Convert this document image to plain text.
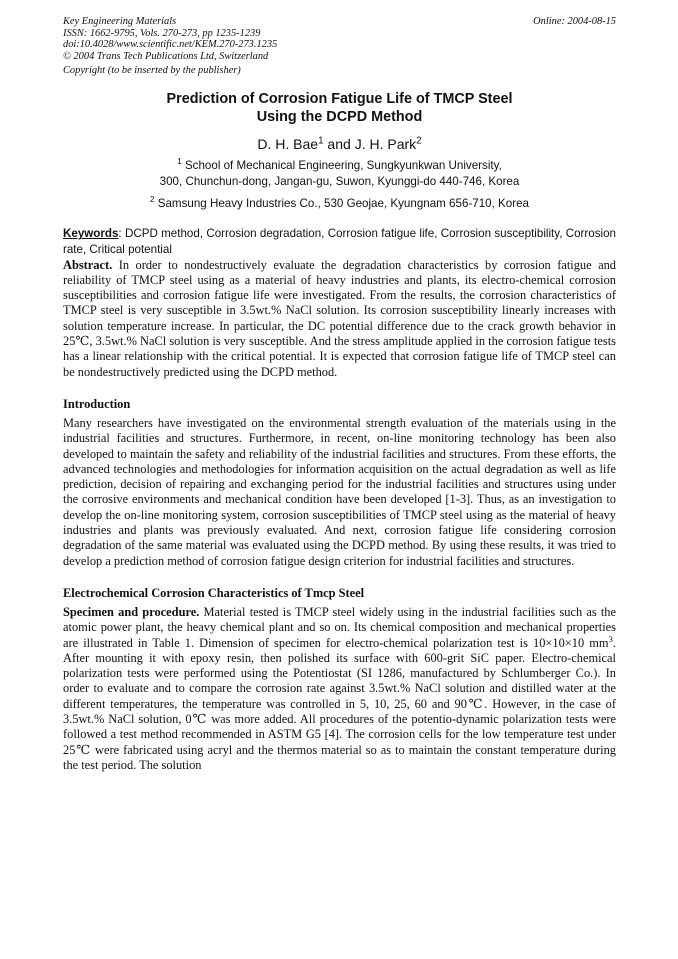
Key Engineering Materials
ISSN: 1662-9795, Vols. 270-273, pp 1235-1239
doi:10.4028/www.scientific.net/KEM.270-273.1235
© 2004 Trans Tech Publications Ltd, Switzerland
Online: 2004-08-15
Copyright (to be inserted by the publisher)
Prediction of Corrosion Fatigue Life of TMCP Steel
Using the DCPD Method
D. H. Bae$^1$ and J. H. Park$^2$
$^1$ School of Mechanical Engineering, Sungkyunkwan University,
300, Chunchun-dong, Jangan-gu, Suwon, Kyunggi-do 440-746, Korea
$^2$ Samsung Heavy Industries Co., 530 Geojae, Kyungnam 656-710, Korea
Keywords: DCPD method, Corrosion degradation, Corrosion fatigue life, Corrosion susceptibility, Corrosion rate, Critical potential

Abstract. In order to nondestructively evaluate the degradation characteristics by corrosion fatigue and reliability of TMCP steel using as a material of heavy industries and plants, its electro-chemical corrosion susceptibilities and corrosion fatigue life were investigated. From the results, the corrosion characteristics of TMCP steel is very susceptible in 3.5wt.% NaCl solution. Its corrosion susceptibility linearly increases with solution temperature increase. In particular, the DC potential difference due to the crack growth behavior in 25℃, 3.5wt.% NaCl solution is very susceptible. And the stress amplitude applied in the corrosion fatigue tests has a linear relationship with the critical potential. It is expected that corrosion fatigue life of TMCP steel can be nondestructively predicted using the DCPD method.

Introduction

Many researchers have investigated on the environmental strength evaluation of the materials using in the industrial facilities and structures. Furthermore, in recent, on-line monitoring technology has been also developed to maintain the safety and reliability of the industrial facilities and structures. From these efforts, the advanced technologies and methodologies for information acquisition on the actual degradation as well as life prediction, decision of repairing and exchanging period for the industrial facilities and structures using under the corrosive environments and mechanical condition have been developed [1-3]. Thus, as an investigation to develop the on-line monitoring system, corrosion susceptibilities of TMCP steel using as the material of heavy industries and plants was previously evaluated. And next, corrosion fatigue life considering corrosion degradation of the same material was evaluated using the DCPD method. By using these results, it was tried to develop a prediction method of corrosion fatigue design criterion for industrial facilities and structures.

Electrochemical Corrosion Characteristics of Tmcp Steel

Specimen and procedure. Material tested is TMCP steel widely using in the industrial facilities such as the atomic power plant, the heavy chemical plant and so on. Its chemical composition and mechanical properties are illustrated in Table 1. Dimension of specimen for electro-chemical polarization test is 10×10×10 $mm^3$. After mounting it with epoxy resin, then polished its surface with 600-grit SiC paper. Electro-chemical polarization tests were performed using the Potentiostat (SI 1286, manufactured by Schlumberger Co.). In order to evaluate and to compare the corrosion rate against 3.5wt.% NaCl solution and distilled water at the different temperatures, the temperature was controlled in 5, 10, 25, 60 and 90℃. However, in the case of 3.5wt.% NaCl solution, 0℃ was more added. All procedures of the potentio-dynamic polarization tests were followed a test method recommended in ASTM G5 [4]. The corrosion cells for the low temperature test under 25℃ were fabricated using acryl and the thermos material so as to maintain the constant temperature during the test period. The solution
